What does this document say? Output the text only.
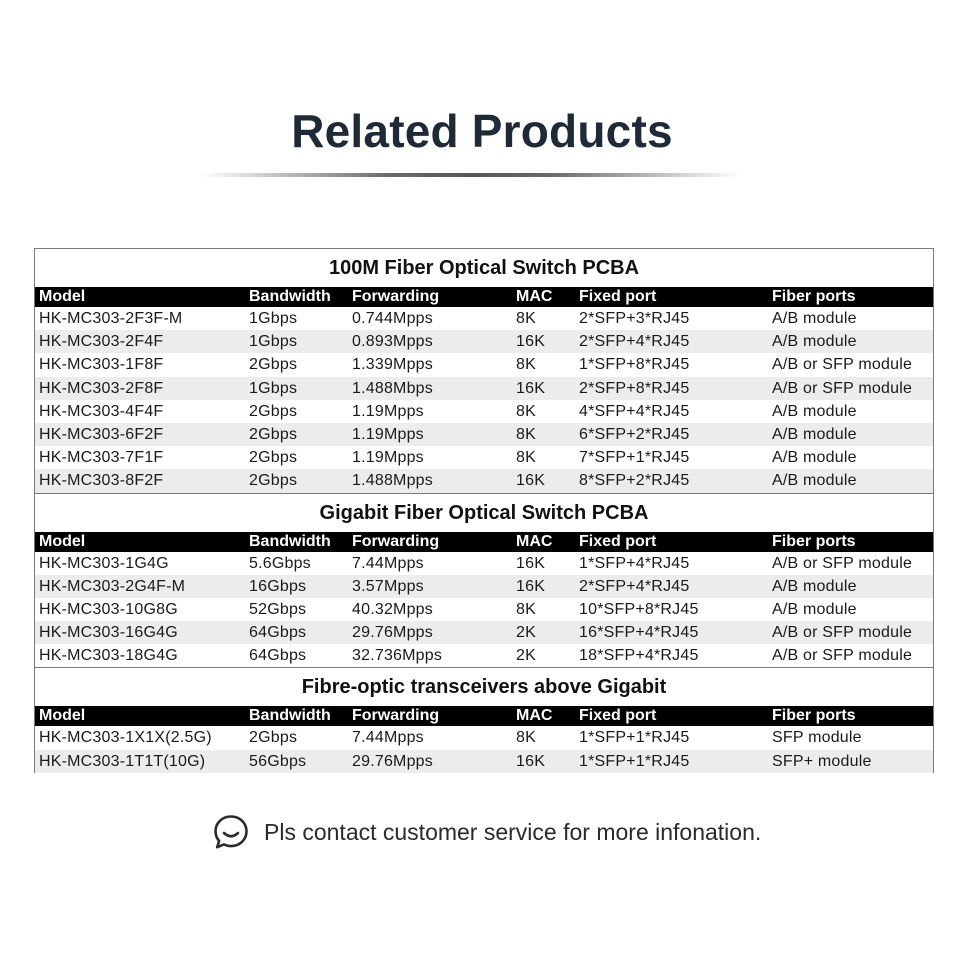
Related Products
100M Fiber Optical Switch PCBA
Model	Bandwidth	Forwarding	MAC	Fixed port	Fiber ports
HK-MC303-2F3F-M	1Gbps	0.744Mpps	8K	2*SFP+3*RJ45	A/B module
HK-MC303-2F4F	1Gbps	0.893Mpps	16K	2*SFP+4*RJ45	A/B module
HK-MC303-1F8F	2Gbps	1.339Mpps	8K	1*SFP+8*RJ45	A/B or SFP module
HK-MC303-2F8F	1Gbps	1.488Mbps	16K	2*SFP+8*RJ45	A/B or SFP module
HK-MC303-4F4F	2Gbps	1.19Mpps	8K	4*SFP+4*RJ45	A/B module
HK-MC303-6F2F	2Gbps	1.19Mpps	8K	6*SFP+2*RJ45	A/B module
HK-MC303-7F1F	2Gbps	1.19Mpps	8K	7*SFP+1*RJ45	A/B module
HK-MC303-8F2F	2Gbps	1.488Mpps	16K	8*SFP+2*RJ45	A/B module
Gigabit Fiber Optical Switch PCBA
Model	Bandwidth	Forwarding	MAC	Fixed port	Fiber ports
HK-MC303-1G4G	5.6Gbps	7.44Mpps	16K	1*SFP+4*RJ45	A/B or SFP module
HK-MC303-2G4F-M	16Gbps	3.57Mpps	16K	2*SFP+4*RJ45	A/B module
HK-MC303-10G8G	52Gbps	40.32Mpps	8K	10*SFP+8*RJ45	A/B module
HK-MC303-16G4G	64Gbps	29.76Mpps	2K	16*SFP+4*RJ45	A/B or SFP module
HK-MC303-18G4G	64Gbps	32.736Mpps	2K	18*SFP+4*RJ45	A/B or SFP module
Fibre-optic transceivers above Gigabit
Model	Bandwidth	Forwarding	MAC	Fixed port	Fiber ports
HK-MC303-1X1X(2.5G)	2Gbps	7.44Mpps	8K	1*SFP+1*RJ45	SFP module
HK-MC303-1T1T(10G)	56Gbps	29.76Mpps	16K	1*SFP+1*RJ45	SFP+ module
Pls contact customer service for more infonation.
